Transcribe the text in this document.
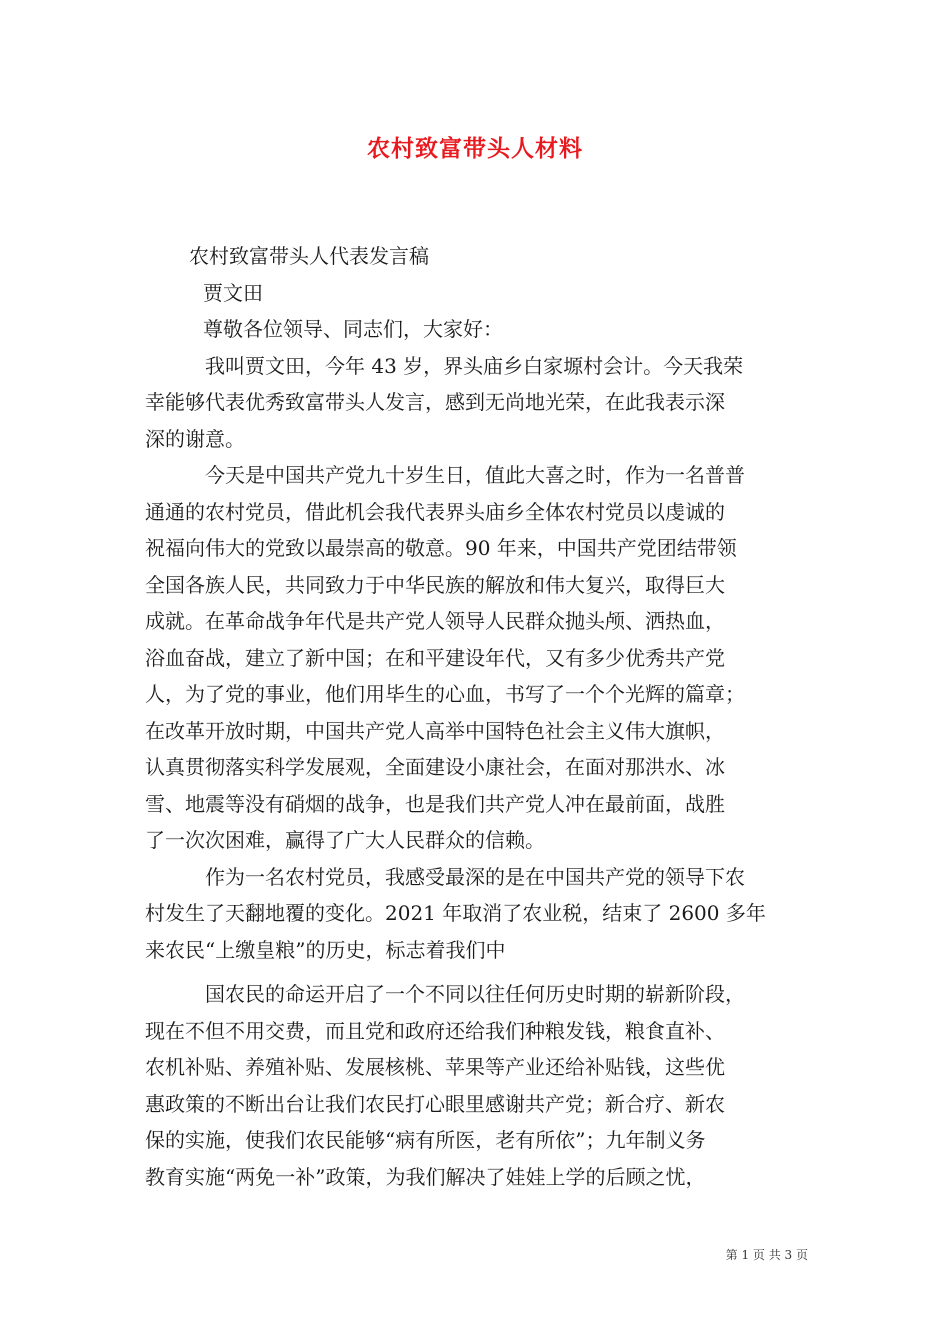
农村致富带头人材料
农村致富带头人代表发言稿
贾文田
尊敬各位领导、同志们，大家好：
　我叫贾文田，今年 43 岁，界头庙乡白家塬村会计。今天我荣
幸能够代表优秀致富带头人发言，感到无尚地光荣，在此我表示深
深的谢意。
　今天是中国共产党九十岁生日，值此大喜之时，作为一名普普
通通的农村党员，借此机会我代表界头庙乡全体农村党员以虔诚的
祝福向伟大的党致以最崇高的敬意。90 年来，中国共产党团结带领
全国各族人民，共同致力于中华民族的解放和伟大复兴，取得巨大
成就。在革命战争年代是共产党人领导人民群众抛头颅、洒热血，
浴血奋战，建立了新中国；在和平建设年代，又有多少优秀共产党
人，为了党的事业，他们用毕生的心血，书写了一个个光辉的篇章；
在改革开放时期，中国共产党人高举中国特色社会主义伟大旗帜，
认真贯彻落实科学发展观，全面建设小康社会，在面对那洪水、冰
雪、地震等没有硝烟的战争，也是我们共产党人冲在最前面，战胜
了一次次困难，赢得了广大人民群众的信赖。
　作为一名农村党员，我感受最深的是在中国共产党的领导下农
村发生了天翻地覆的变化。2021 年取消了农业税，结束了 2600 多年
来农民“上缴皇粮”的历史，标志着我们中
　国农民的命运开启了一个不同以往任何历史时期的崭新阶段，
现在不但不用交费，而且党和政府还给我们种粮发钱，粮食直补、
农机补贴、养殖补贴、发展核桃、苹果等产业还给补贴钱，这些优
惠政策的不断出台让我们农民打心眼里感谢共产党；新合疗、新农
保的实施，使我们农民能够“病有所医，老有所依”；九年制义务
教育实施“两免一补”政策，为我们解决了娃娃上学的后顾之忧，
第 1 页 共 3 页
